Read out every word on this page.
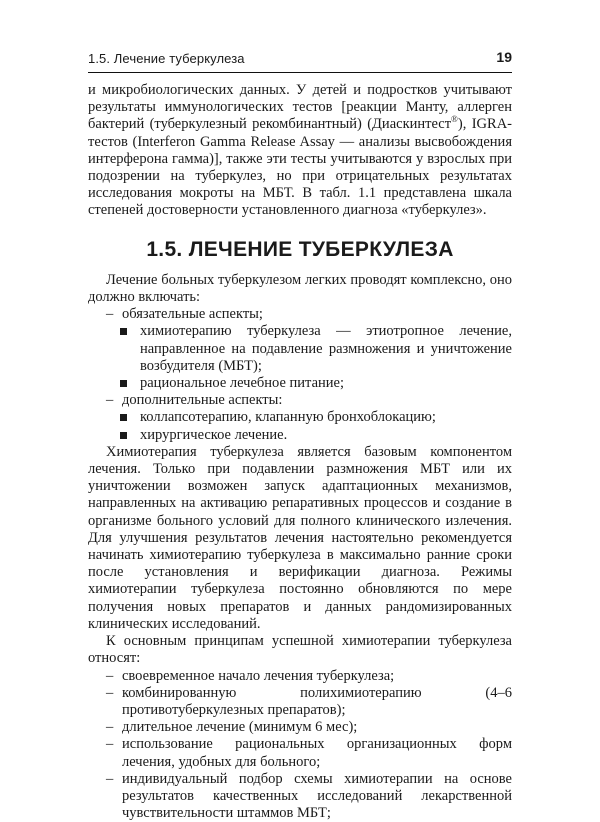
1.5. Лечение туберкулеза	19

и микробиологических данных. У детей и подростков учитывают результаты иммунологических тестов [реакции Манту, аллерген бактерий (туберкулезный рекомбинантный) (Диаскинтест®), IGRA-тестов (Interferon Gamma Release Assay — анализы высвобождения интерферона гамма)], также эти тесты учитываются у взрослых при подозрении на туберкулез, но при отрицательных результатах исследования мокроты на МБТ. В табл. 1.1 представлена шкала степеней достоверности установленного диагноза «туберкулез».

1.5. ЛЕЧЕНИЕ ТУБЕРКУЛЕЗА

Лечение больных туберкулезом легких проводят комплексно, оно должно включать:

– обязательные аспекты;
химиотерапию туберкулеза — этиотропное лечение, направленное на подавление размножения и уничтожение возбудителя (МБТ);
рациональное лечебное питание;
– дополнительные аспекты:
коллапсотерапию, клапанную бронхоблокацию;
хирургическое лечение.

Химиотерапия туберкулеза является базовым компонентом лечения. Только при подавлении размножения МБТ или их уничтожении возможен запуск адаптационных механизмов, направленных на активацию репаративных процессов и создание в организме больного условий для полного клинического излечения. Для улучшения результатов лечения настоятельно рекомендуется начинать химиотерапию туберкулеза в максимально ранние сроки после установления и верификации диагноза. Режимы химиотерапии туберкулеза постоянно обновляются по мере получения новых препаратов и данных рандомизированных клинических исследований.

К основным принципам успешной химиотерапии туберкулеза относят:

– своевременное начало лечения туберкулеза;
– комбинированную полихимиотерапию (4–6 противотуберкулезных препаратов);
– длительное лечение (минимум 6 мес);
– использование рациональных организационных форм лечения, удобных для больного;
– индивидуальный подбор схемы химиотерапии на основе результатов качественных исследований лекарственной чувствительности штаммов МБТ;
